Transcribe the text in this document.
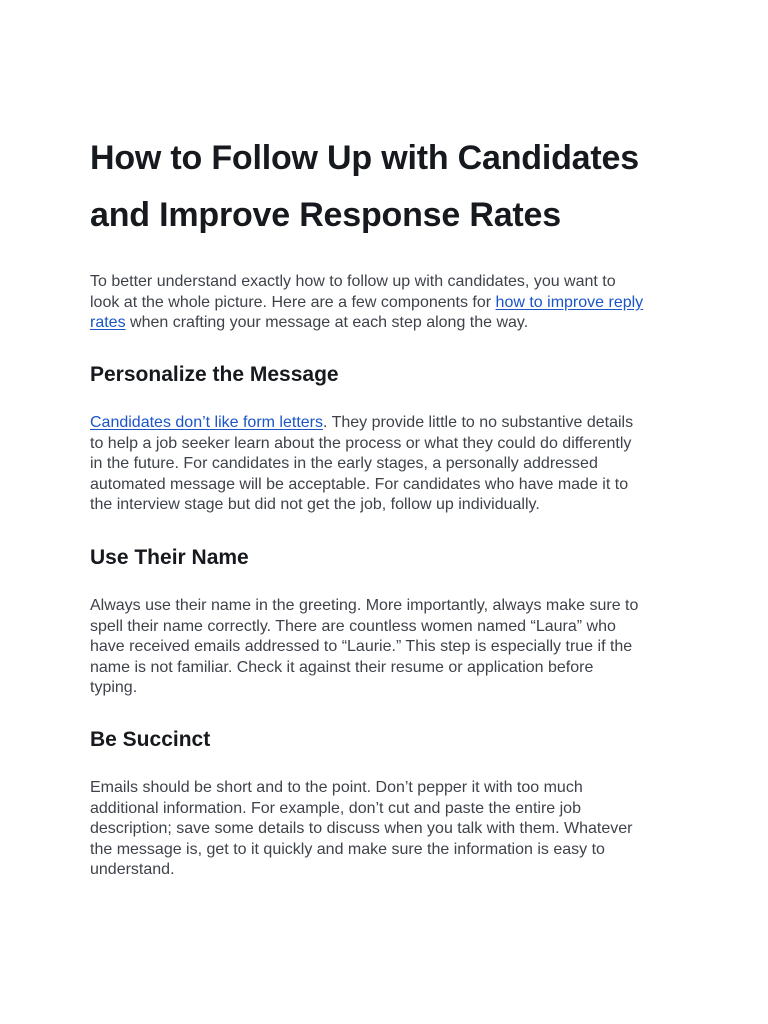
How to Follow Up with Candidates
and Improve Response Rates

To better understand exactly how to follow up with candidates, you want to
look at the whole picture. Here are a few components for how to improve reply
rates when crafting your message at each step along the way.

Personalize the Message

Candidates don’t like form letters. They provide little to no substantive details
to help a job seeker learn about the process or what they could do differently
in the future. For candidates in the early stages, a personally addressed
automated message will be acceptable. For candidates who have made it to
the interview stage but did not get the job, follow up individually.

Use Their Name

Always use their name in the greeting. More importantly, always make sure to
spell their name correctly. There are countless women named “Laura” who
have received emails addressed to “Laurie.” This step is especially true if the
name is not familiar. Check it against their resume or application before
typing.

Be Succinct

Emails should be short and to the point. Don’t pepper it with too much
additional information. For example, don’t cut and paste the entire job
description; save some details to discuss when you talk with them. Whatever
the message is, get to it quickly and make sure the information is easy to
understand.
